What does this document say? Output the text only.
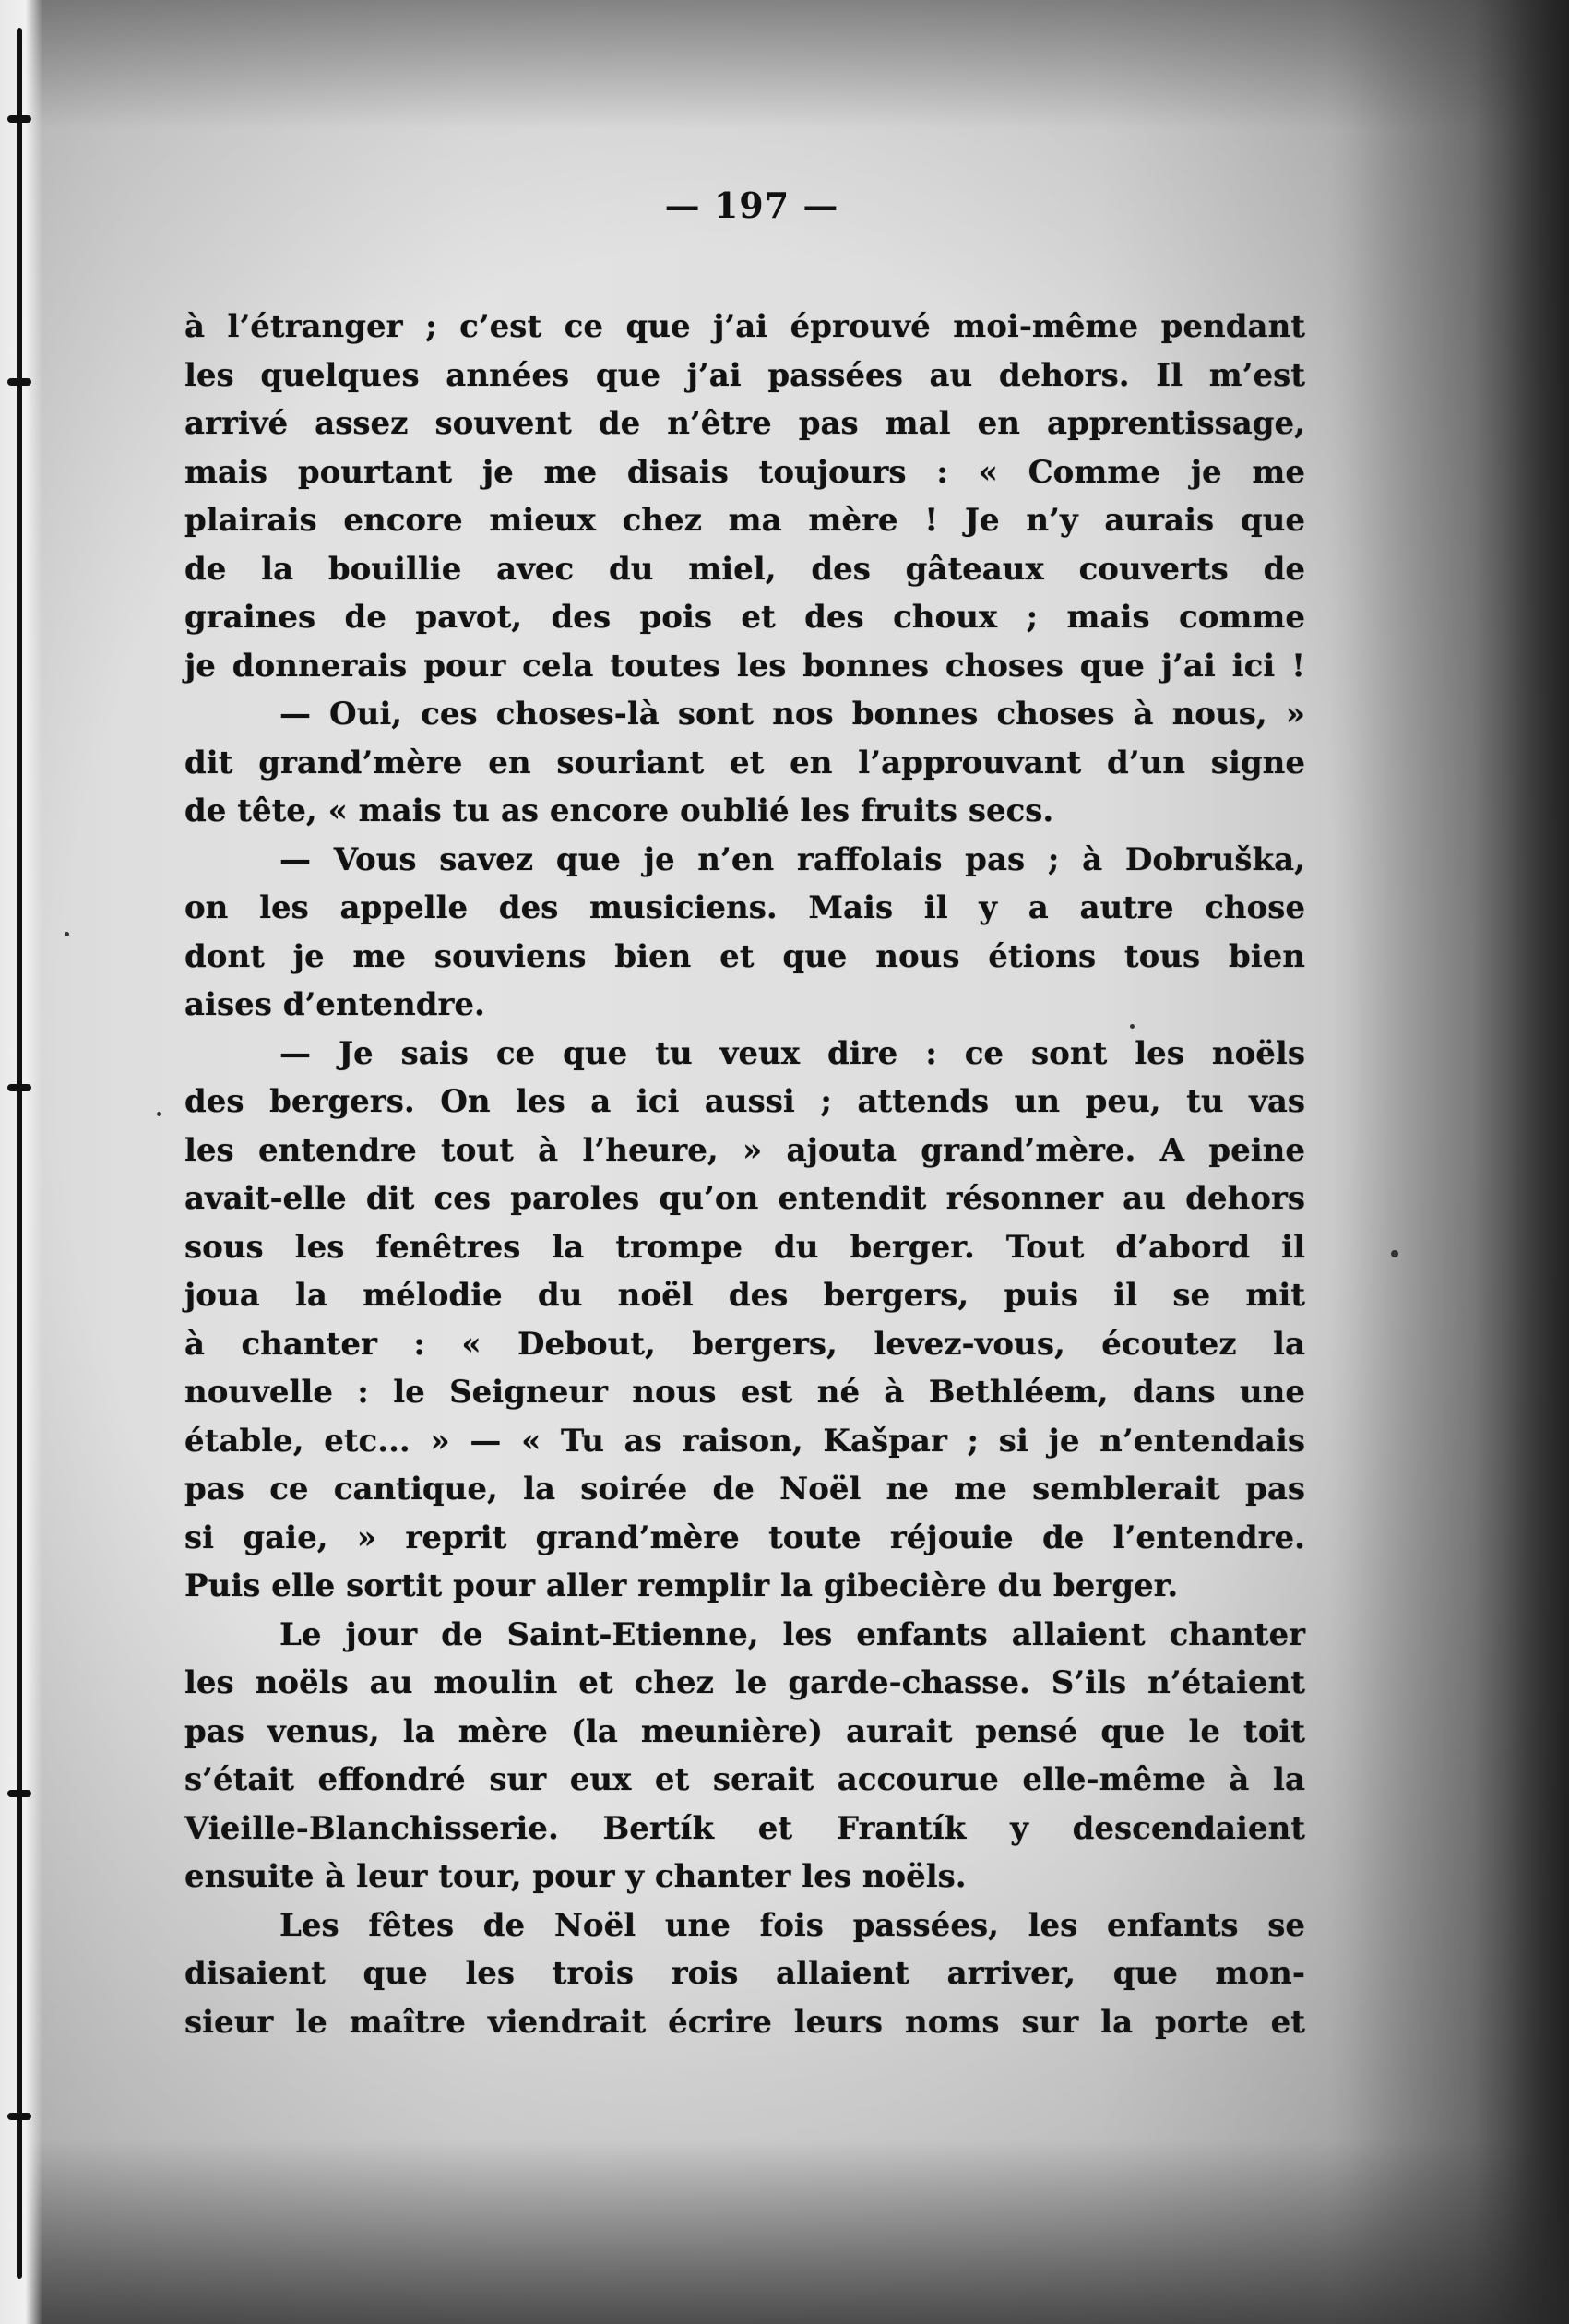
— 197 —
à l’étranger ; c’est ce que j’ai éprouvé moi-même pendant
les quelques années que j’ai passées au dehors. Il m’est
arrivé assez souvent de n’être pas mal en apprentissage,
mais pourtant je me disais toujours : « Comme je me
plairais encore mieux chez ma mère ! Je n’y aurais que
de la bouillie avec du miel, des gâteaux couverts de
graines de pavot, des pois et des choux ; mais comme
je donnerais pour cela toutes les bonnes choses que j’ai ici !
— Oui, ces choses-là sont nos bonnes choses à nous, »
dit grand’mère en souriant et en l’approuvant d’un signe
de tête, « mais tu as encore oublié les fruits secs.
— Vous savez que je n’en raffolais pas ; à Dobruška,
on les appelle des musiciens. Mais il y a autre chose
dont je me souviens bien et que nous étions tous bien
aises d’entendre.
— Je sais ce que tu veux dire : ce sont les noëls
des bergers. On les a ici aussi ; attends un peu, tu vas
les entendre tout à l’heure, » ajouta grand’mère. A peine
avait-elle dit ces paroles qu’on entendit résonner au dehors
sous les fenêtres la trompe du berger. Tout d’abord il
joua la mélodie du noël des bergers, puis il se mit
à chanter : « Debout, bergers, levez-vous, écoutez la
nouvelle : le Seigneur nous est né à Bethléem, dans une
étable, etc... » — « Tu as raison, Kašpar ; si je n’entendais
pas ce cantique, la soirée de Noël ne me semblerait pas
si gaie, » reprit grand’mère toute réjouie de l’entendre.
Puis elle sortit pour aller remplir la gibecière du berger.
Le jour de Saint-Etienne, les enfants allaient chanter
les noëls au moulin et chez le garde-chasse. S’ils n’étaient
pas venus, la mère (la meunière) aurait pensé que le toit
s’était effondré sur eux et serait accourue elle-même à la
Vieille-Blanchisserie. Bertík et Frantík y descendaient
ensuite à leur tour, pour y chanter les noëls.
Les fêtes de Noël une fois passées, les enfants se
disaient que les trois rois allaient arriver, que mon-
sieur le maître viendrait écrire leurs noms sur la porte et
